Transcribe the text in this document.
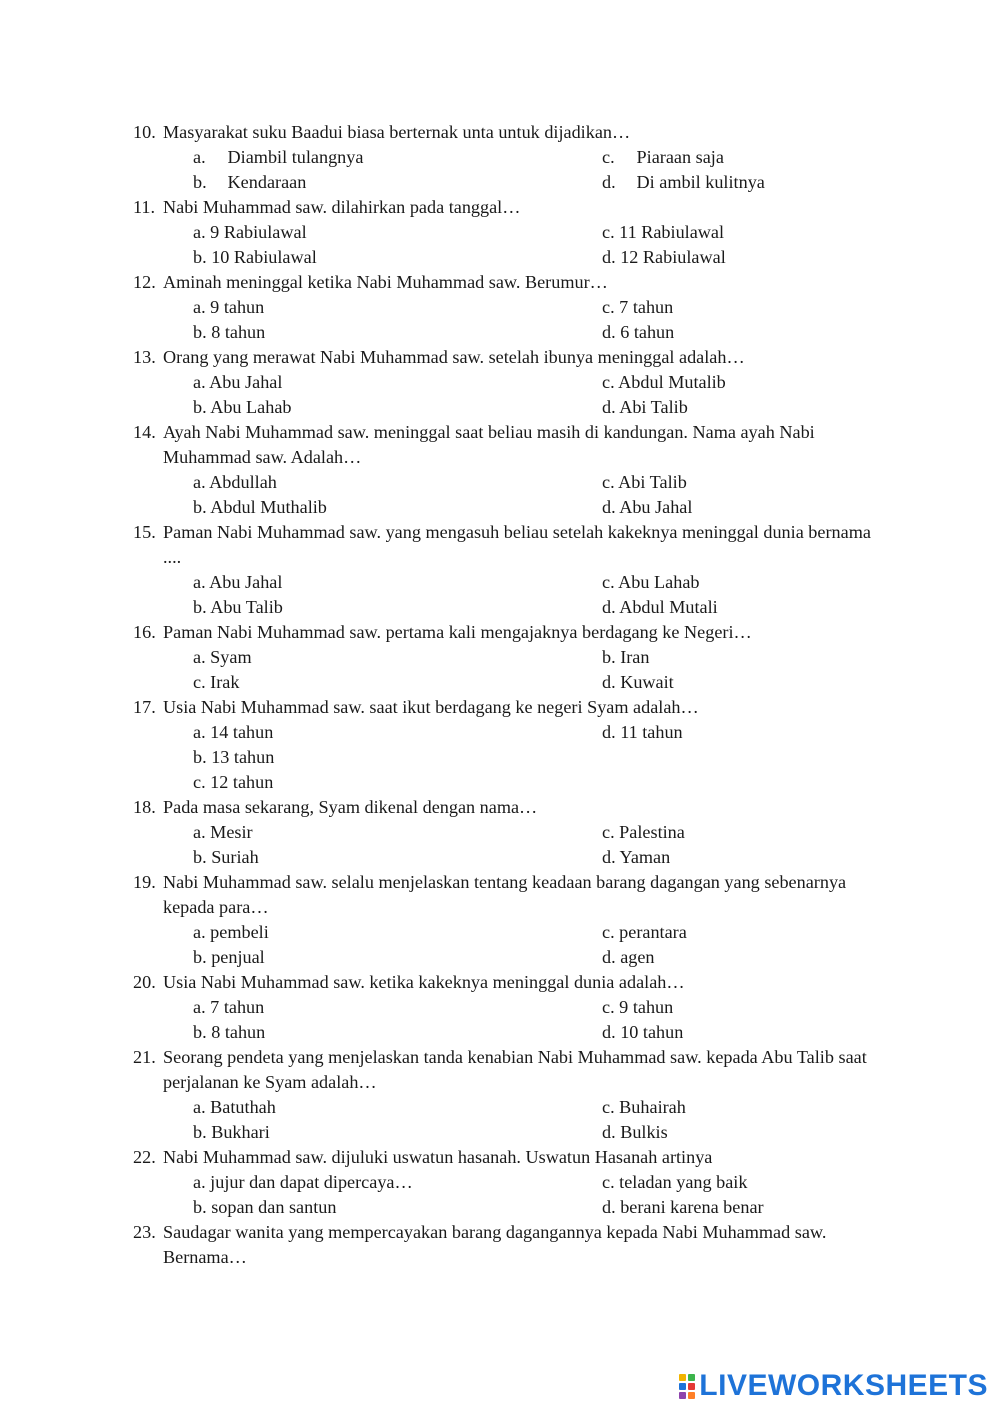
10. Masyarakat suku Baadui biasa berternak unta untuk dijadikan…
a. Diambil tulangnya	c. Piaraan saja
b. Kendaraan	d. Di ambil kulitnya
11. Nabi Muhammad saw. dilahirkan pada tanggal…
a. 9 Rabiulawal	c. 11 Rabiulawal
b. 10 Rabiulawal	d. 12 Rabiulawal
12. Aminah meninggal ketika Nabi Muhammad saw. Berumur…
a. 9 tahun	c. 7 tahun
b. 8 tahun	d. 6 tahun
13. Orang yang merawat Nabi Muhammad saw. setelah ibunya meninggal adalah…
a. Abu Jahal	c. Abdul Mutalib
b. Abu Lahab	d. Abi Talib
14. Ayah Nabi Muhammad saw. meninggal saat beliau masih di kandungan. Nama ayah Nabi Muhammad saw. Adalah…
a. Abdullah	c. Abi Talib
b. Abdul Muthalib	d. Abu Jahal
15. Paman Nabi Muhammad saw. yang mengasuh beliau setelah kakeknya meninggal dunia bernama ....
a. Abu Jahal	c. Abu Lahab
b. Abu Talib	d. Abdul Mutali
16. Paman Nabi Muhammad saw. pertama kali mengajaknya berdagang ke Negeri…
a. Syam	b. Iran
c. Irak	d. Kuwait
17. Usia Nabi Muhammad saw. saat ikut berdagang ke negeri Syam adalah…
a. 14 tahun	d. 11 tahun
b. 13 tahun
c. 12 tahun
18. Pada masa sekarang, Syam dikenal dengan nama…
a. Mesir	c. Palestina
b. Suriah	d. Yaman
19. Nabi Muhammad saw. selalu menjelaskan tentang keadaan barang dagangan yang sebenarnya kepada para…
a. pembeli	c. perantara
b. penjual	d. agen
20. Usia Nabi Muhammad saw. ketika kakeknya meninggal dunia adalah…
a. 7 tahun	c. 9 tahun
b. 8 tahun	d. 10 tahun
21. Seorang pendeta yang menjelaskan tanda kenabian Nabi Muhammad saw. kepada Abu Talib saat perjalanan ke Syam adalah…
a. Batuthah	c. Buhairah
b. Bukhari	d. Bulkis
22. Nabi Muhammad saw. dijuluki uswatun hasanah. Uswatun Hasanah artinya
a. jujur dan dapat dipercaya…	c. teladan yang baik
b. sopan dan santun	d. berani karena benar
23. Saudagar wanita yang mempercayakan barang dagangannya kepada Nabi Muhammad saw. Bernama…
LIVEWORKSHEETS
